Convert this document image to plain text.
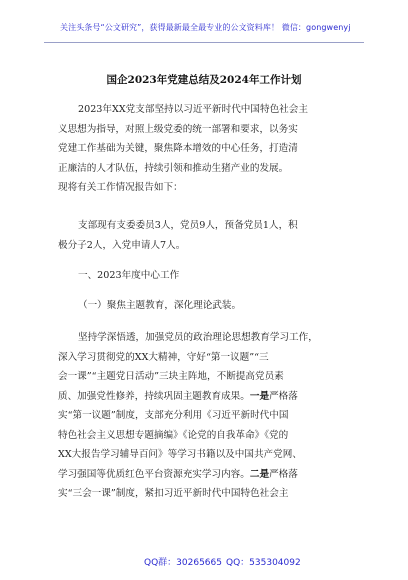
关注头条号“公文研究”，获得最新最全最专业的公文资料库！ 微信：gongwenyj
国企2023年党建总结及2024年工作计划
2023年XX党支部坚持以习近平新时代中国特色社会主
义思想为指导，对照上级党委的统一部署和要求，以务实
党建工作基础为关键，聚焦降本增效的中心任务，打造清
正廉洁的人才队伍，持续引领和推动生猪产业的发展。
现将有关工作情况报告如下：
支部现有支委委员3人，党员9人，预备党员1人，积
极分子2人，入党申请人7人。
一、2023年度中心工作
（一）聚焦主题教育，深化理论武装。
坚持学深悟透，加强党员的政治理论思想教育学习工作，
深入学习贯彻党的XX大精神，守好“第一议题”“三
会一课”“主题党日活动”三块主阵地，不断提高党员素
质、加强党性修养，持续巩固主题教育成果。一是严格落
实“第一议题”制度，支部充分利用《习近平新时代中国
特色社会主义思想专题摘编》《论党的自我革命》《党的
XX大报告学习辅导百问》等学习书籍以及中国共产党网、
学习强国等优质红色平台资源充实学习内容。二是严格落
实“三会一课”制度，紧扣习近平新时代中国特色社会主
QQ群：30265665 QQ：535304092
